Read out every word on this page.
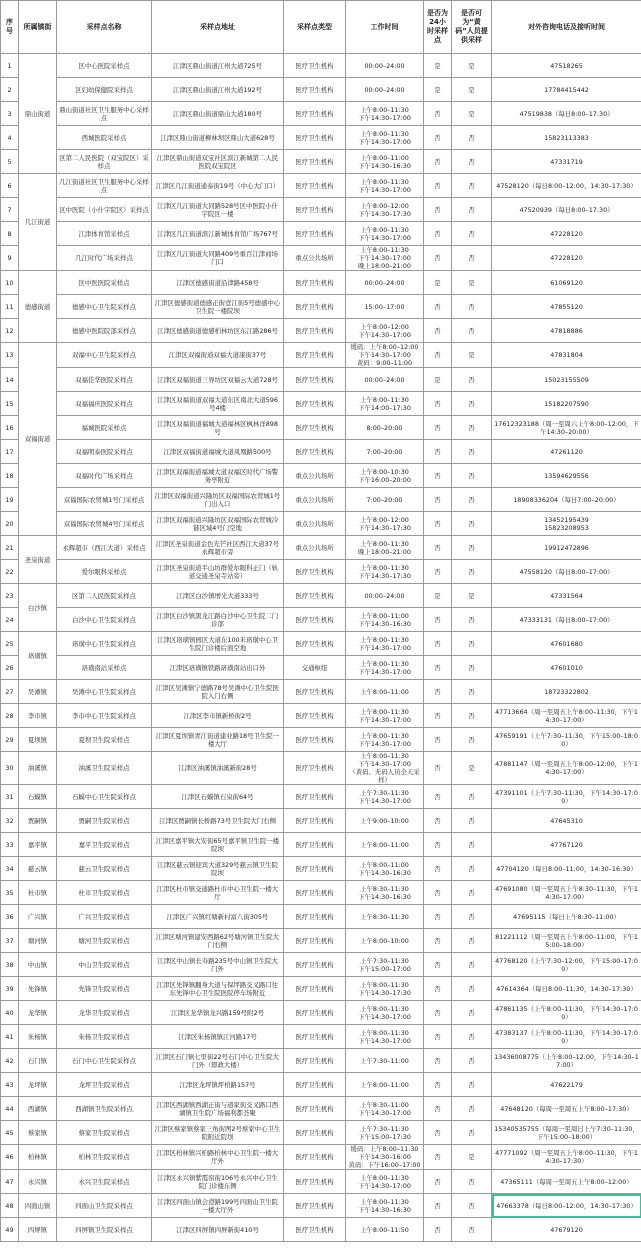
序号	所属镇街	采样点名称	采样点地址	采样点类型	工作时间	是否为24小时采样点	是否可为“黄码”人员提供采样	对外咨询电话及接听时间
1	鼎山街道	区中心医院采样点	江津区鼎山街道江州大道725号	医疗卫生机构	00:00–24:00	是	是	47518265
2		区妇幼保健院采样点	江津区鼎山街道江州大道192号	医疗卫生机构	00:00–24:00	是	是	17784415442
3		鼎山街道社区卫生服务中心采样点	江津区鼎山街道鼎山大道180号	医疗卫生机构	上午8:00–11:30
下午14:30–17:00	否	是	47519838（每日8:00–17:30）
4		西城医院采样点	江津区鼎山街道柳林坝区鼎山大道628号	医疗卫生机构	上午8:00–11:30
下午14:30–17:00	否	否	15823113383
5		区第二人民医院（双宝院区）采样点	江津区鼎山街道双宝社区滨江新城第二人民医院双宝院区	医疗卫生机构	上午8:00–11:00
下午14:30–16:30	否	否	47331719
6	几江街道	几江街道社区卫生服务中心采样点	江津区几江街道通泰街19号（中心大门口）	医疗卫生机构	上午8:00–11:30
下午14:30–17:00	否	否	47528120（每日8:00–12:00、14:30–17:30）
7		区中医院（小什字院区）采样点	江津区几江街道大同路528号区中医院小什字院区一楼	医疗卫生机构	上午8:00–12:00
下午14:30–17:30	否	否	47520939（每日8:00–17:30）
8		江津体育馆采样点	江津区几江街道滨江新城体育馆广场767号	医疗卫生机构	上午8:00–11:30
下午14:30–17:00	否	否	47228120
9		几江时代广场采样点	江津区几江街道大同路409号重百江津商场门口	重点公共场所	上午8:00–11:30
下午14:30–17:00
晚上18:00–21:00	否	否	47228120
10	德感街道	区中医医院采样点	江津区德感街道沿津路458号	医疗卫生机构	00:00–24:00	是	是	61069120
11		德感中心卫生院采样点	江津区德感街道德感正街壹江街5号德感中心卫生院一楼院坝	医疗卫生机构	15:00–17:00	否	否	47855120
12		德感中医院院部采样点	江津区德感街道德感柏林坊区东江路286号	医疗卫生机构	上午8:00–12:00
下午14:30–17:00	否	否	47818886
13	双福街道	双福中心卫生院采样点	江津区双福街道双福大道康街37号	医疗卫生机构	缓码：上午8:00–12:00
下午14:30–17:00
黄码：9:00–11:00	否	是	47831804
14		双福佳华医院采样点	江津区双福街道三界坊区双福云大道728号	医疗卫生机构	00:00–24:00	是	否	15023155509
15		双福福庆医院采样点	江津区双福街道双福大道东区南北大道596号4楼	医疗卫生机构	上午8:00–11:30
下午14:00–17:30	否	否	15182207590
16		福城医院采样点	江津区双福街道福城大道福林区枫林洋898号	医疗卫生机构	8:00–20:00	否	否	17612323188（周一至周六上午8:00–12:00，下午14:30–20:00）
17		双福明泰医院采样点	江津区双福街道福城大道凤凰路500号	医疗卫生机构	7:00–20:00	否	否	47261120
18		双福时代广场采样点	江津区双福街道福城大道双福区时代广场警务亭附近	重点公共场所	上午8:00–10:30
下午16:00–20:00	否	否	13594629556
19		双福国际农贸城1号门采样点	江津区双福街道兴隆坊区双福国际农贸城1号门出入口	重点公共场所	7:00–20:00	否	否	18908336204（每日7:00–20:00）
20		双福国际农贸城4号门采样点	江津区双福街道兴隆坊区双福国际农贸城冷链区域4号门空地	重点公共场所	上午8:00–12:00
下午14:30–17:30	否	否	13452195439
15823208953
21	圣泉街道	永辉超市（西江大道）采样点	江津区圣泉街道金色光芒社区西江大道37号永辉超市旁	重点公共场所	上午8:00–11:30
晚上18:00–21:00	否	否	19912472896
22		爱尔眼科采样点	江津区圣泉街道半山坊群爱尔眼科正门（轨道交通圣泉寺站旁）	医疗卫生机构	上午8:00–11:30
下午14:30–17:30	否	否	47558120（每日8:00–17:00）
23	白沙镇	区第二人民医院采样点	江津区白沙镇增光大道333号	医疗卫生机构	00:00–24:00	是	是	47331564
24		白沙中心卫生院采样点	江津区白沙镇黑龙江路白沙中心卫生院二门诊部	医疗卫生机构	上午8:00–11:00
下午14:30–16:30	否	否	47333131（每日8:00–17:00）
25	珞璜镇	珞璜中心卫生院采样点	江津区珞璜镇园区大道东100米珞璜中心卫生院门诊楼后面空地	医疗卫生机构	上午8:00–11:30
下午14:30–17:00	否	否	47601680
26		珞璜南站采样点	江津区珞璜镇铁路珞璜南站出口外	交通枢纽	上午8:00–11:30
下午14:30–17:00	否	否	47601010
27	吴滩镇	吴滩中心卫生院采样点	江津区吴滩镇宁德路78号吴滩中心卫生院医院入门右侧	医疗卫生机构	上午8:00–11:00	否	否	18723322802
28	李市镇	李市中心卫生院采样点	江津区李市镇新桥街2号	医疗卫生机构	上午8:00–11:30
下午14:30–17:00	否	否	47713664（周一至周五上午8:00–11:30，下午14:30–17:00）
29	夏坝镇	夏坝卫生院采样点	江津区夏坝镇青江街道建业路18号卫生院一楼大厅	医疗卫生机构	上午8:00–11:30
下午14:30–17:00	否	否	47659191（上午7:30–11:30，下午15:00–18:00）
30	油溪镇	油溪卫生院采样点	江津区油溪镇油溪新街28号	医疗卫生机构	上午8:00–11:30
下午14:30–17:00
（黄码、无码人员全天采样）	否	是	47881147（周一至周五上午8:00–12:00，下午14:30–17:00）
31	石蟆镇	石蟆中心卫生院采样点	江津区石蟆镇石泉街64号	医疗卫生机构	上午7:30–11:30
下午14:30–17:00	否	否	47391101（上午7:30–11:30，下午14:30–17:00）
32	贾嗣镇	贾嗣卫生院采样点	江津区贾嗣镇长桥路73号卫生院大门右侧	医疗卫生机构	上午9:00–10:00	否	否	47645310
33	嘉平镇	嘉平卫生院采样点	江津区嘉平镇大安街65号嘉平镇卫生院一楼院坝	医疗卫生机构	上午8:00–11:00	否	否	47767120
34	慈云镇	慈云卫生院采样点	江津区慈云镇迎宾大道329号慈云镇卫生院院坝	医疗卫生机构	上午8:00–11:00
下午14:30–16:30	否	否	47704120（每日8:00–11:00，14:30–16:30）
35	杜市镇	杜市卫生院采样点	江津区杜市镇交通路杜市中心卫生院一楼大厅	医疗卫生机构	上午8:30–11:30
下午14:30–16:30	否	否	47691080（周一至周五上午8:30–11:30，下午14:30–17:00）
36	广兴镇	广兴卫生院采样点	江津区广兴镇红塘新村富八街305号	医疗卫生机构	上午8:30–11:30	否	否	47695115（每日上午8:30–11:00）
37	塘河镇	塘河卫生院采样点	江津区塘河镇建安西路62号塘河镇卫生院大门右侧	医疗卫生机构	上午8:00–10:00	否	否	81221112（周一至周五上午8:00–11:00，下午15:00–18:00）
38	中山镇	中山卫生院采样点	江津区中山镇长寿路235号中山镇卫生院大门外	医疗卫生机构	上午7:30–11:30
下午15:00–17:00	否	否	47768120（上午7:30–12:00，下午15:00–17:00）
39	先锋镇	先锋卫生院采样点	江津区先锋镇翻身大道与保坪路交叉路口往东先锋中心卫生院医院停车场附近	医疗卫生机构	上午8:00–11:30
下午14:30–17:30	否	否	47614364（每日8:00–11:30，14:30–17:30）
40	龙华镇	龙华卫生院采样点	江津区龙华镇龙兴路159号附2号	医疗卫生机构	上午8:00–11:30
下午14:30–17:00	否	否	47861135（上午8:00–11:30，下午14:30–17:00）
41	朱杨镇	朱杨卫生院采样点	江津区朱杨镇镇江河路17号	医疗卫生机构	上午8:00–11:30
下午14:30–17:00	否	否	47383137（上午8:00–11:30，下午14:30–17:00）
42	石门镇	石门中心卫生院采样点	江津区石门镇七里街22号石门中心卫生院大门外（即政大楼）	医疗卫生机构	上午7:30–11:00	否	否	13436008775（上午8:00–12:00，下午14:30–17:00）
43	龙坪镇	龙坪卫生院采样点	江津区龙坪镇坪柏路157号	医疗卫生机构	上午8:00–11:00	否	否	47622179
44	西湖镇	西湖镇卫生院采样点	江津区西湖镇西湖正街与道家街交叉路口西湖镇卫生院广场福利都荟聚	医疗卫生机构	上午8:30–11:00
下午14:30–17:00	否	否	47648120（每周一至周五上午8:00–17:30）
45	蔡家镇	蔡家卫生院采样点	江津区蔡家镇蔡家三角街图2号蔡家中心卫生院附近院坝	医疗卫生机构	上午7:30–11:30
下午15:00–17:30	否	否	15340535755（每周一至周日上午7:30–11:30，下午15:00–18:00）
46	柏林镇	柏林卫生院采样点	江津区柏林镇兴柏路柏林中心卫生院一楼大厅外	医疗卫生机构	缓码：上午8:00–11:30
下午14:30–16:00
黄码：下午16:00–17:00	否	是	47771092（周一至周五上午8:00–11:30，下午14:30–17:30）
47	永兴镇	永兴卫生院采样点	江津区永兴镇紫霞窑街106号永兴中心卫生院门诊楼东侧	医疗卫生机构	上午8:00–11:30
下午14:30–17:00	否	否	47365111（每周一至周五上午8:00–12:00）
48	四面山镇	四面山卫生院采样点	江津区四面山镇会澄路199号四面山卫生院一楼大厅外	医疗卫生机构	上午8:00–11:30
下午14:30–16:30	否	否	47663378（每日8:00–12:00，14:30–17:30）
49	四屏镇	四屏镇卫生院采样点	江津区四屏镇四屏新街410号	医疗卫生机构	上午8:00–11:50	否	否	47679120
